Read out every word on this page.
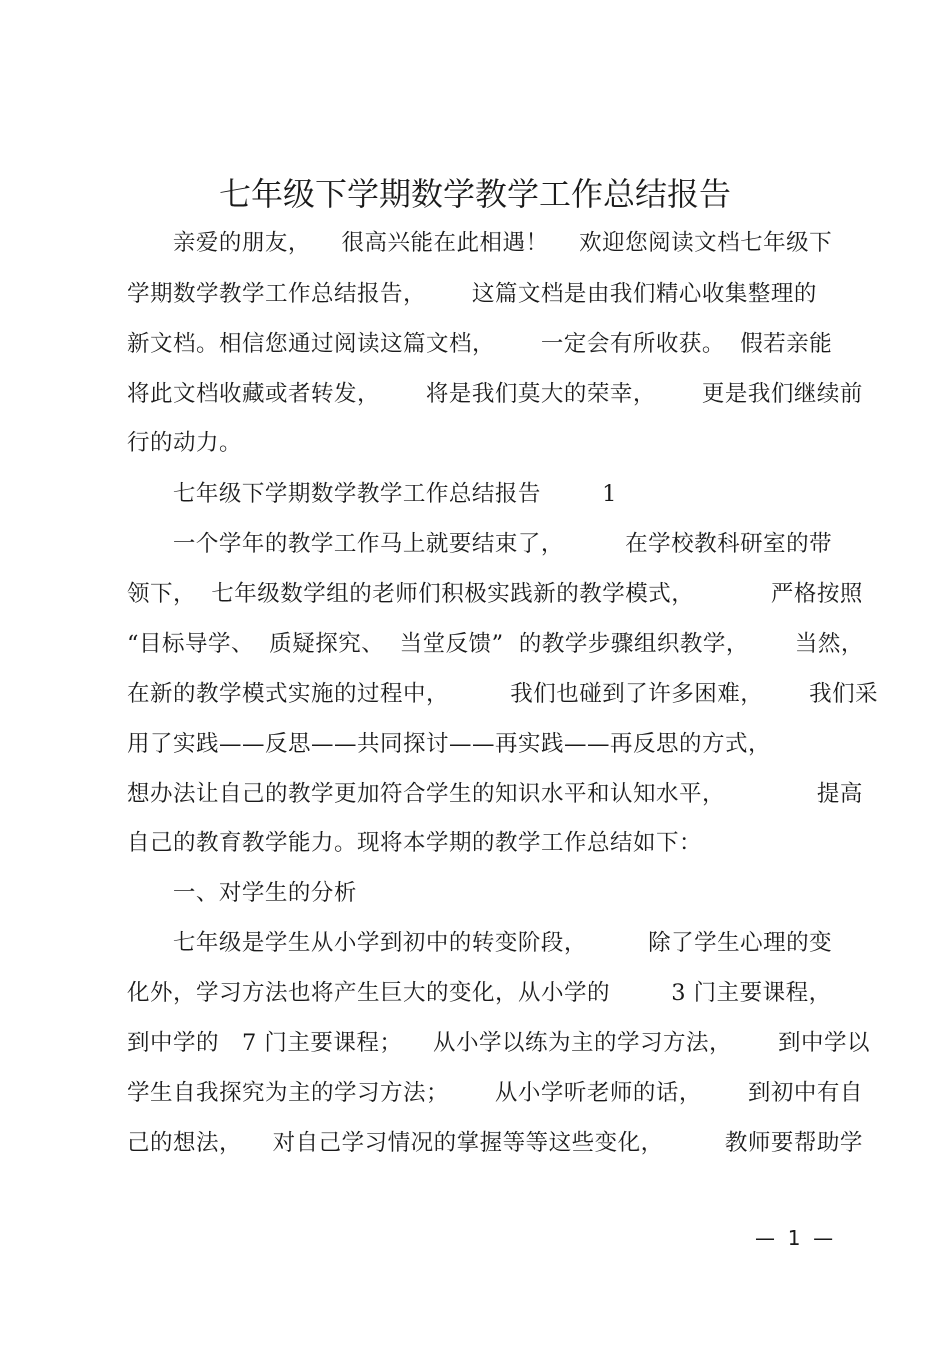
七年级下学期数学教学工作总结报告
亲爱的朋友，    很高兴能在此相遇！    欢迎您阅读文档七年级下
学期数学教学工作总结报告，      这篇文档是由我们精心收集整理的
新文档。相信您通过阅读这篇文档，      一定会有所收获。  假若亲能
将此文档收藏或者转发，      将是我们莫大的荣幸，      更是我们继续前
行的动力。
七年级下学期数学教学工作总结报告        1
一个学年的教学工作马上就要结束了，        在学校教科研室的带
领下，  七年级数学组的老师们积极实践新的教学模式，          严格按照
“目标导学、  质疑探究、  当堂反馈”  的教学步骤组织教学，      当然，
在新的教学模式实施的过程中，        我们也碰到了许多困难，      我们采
用了实践——反思——共同探讨——再实践——再反思的方式，
想办法让自己的教学更加符合学生的知识水平和认知水平，            提高
自己的教育教学能力。现将本学期的教学工作总结如下：
一、对学生的分析
七年级是学生从小学到初中的转变阶段，        除了学生心理的变
化外，学习方法也将产生巨大的变化，从小学的        3 门主要课程，
到中学的   7 门主要课程；    从小学以练为主的学习方法，      到中学以
学生自我探究为主的学习方法；      从小学听老师的话，      到初中有自
己的想法，    对自己学习情况的掌握等等这些变化，        教师要帮助学
—  1  —
